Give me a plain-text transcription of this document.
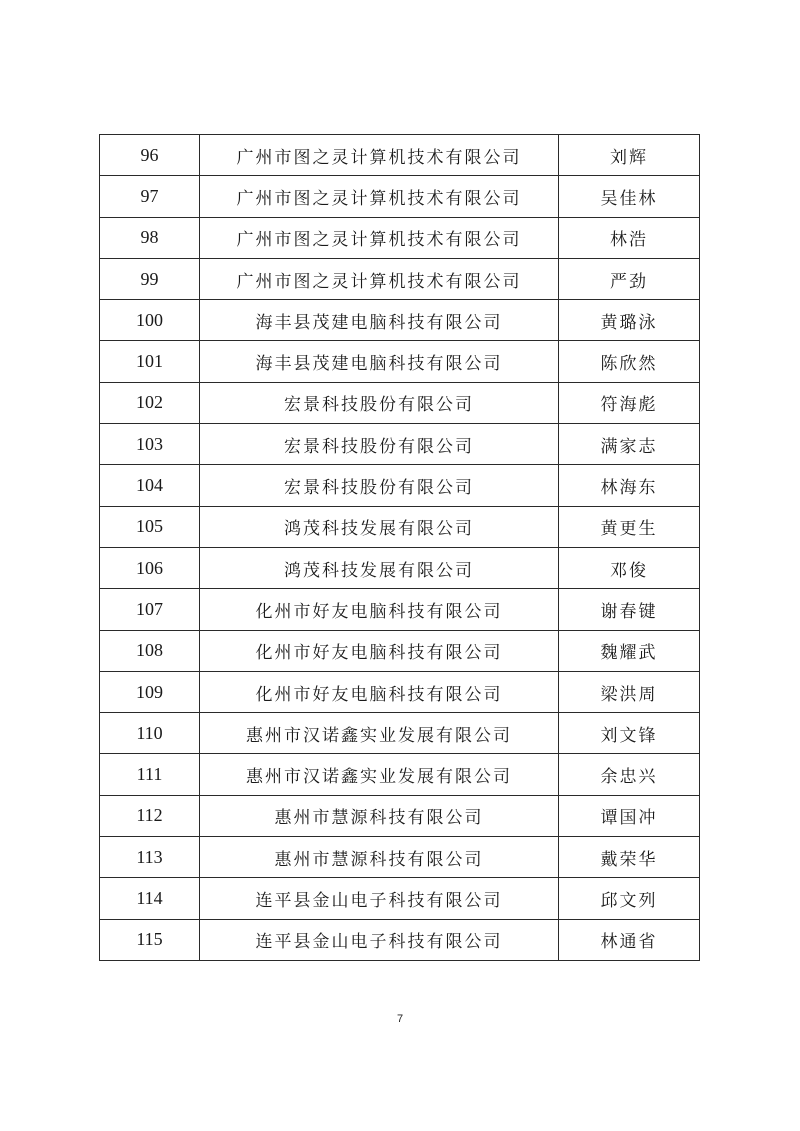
96	广州市图之灵计算机技术有限公司	刘辉
97	广州市图之灵计算机技术有限公司	吴佳林
98	广州市图之灵计算机技术有限公司	林浩
99	广州市图之灵计算机技术有限公司	严劲
100	海丰县茂建电脑科技有限公司	黄璐泳
101	海丰县茂建电脑科技有限公司	陈欣然
102	宏景科技股份有限公司	符海彪
103	宏景科技股份有限公司	满家志
104	宏景科技股份有限公司	林海东
105	鸿茂科技发展有限公司	黄更生
106	鸿茂科技发展有限公司	邓俊
107	化州市好友电脑科技有限公司	谢春键
108	化州市好友电脑科技有限公司	魏耀武
109	化州市好友电脑科技有限公司	梁洪周
110	惠州市汉诺鑫实业发展有限公司	刘文锋
111	惠州市汉诺鑫实业发展有限公司	余忠兴
112	惠州市慧源科技有限公司	谭国冲
113	惠州市慧源科技有限公司	戴荣华
114	连平县金山电子科技有限公司	邱文列
115	连平县金山电子科技有限公司	林通省
7
